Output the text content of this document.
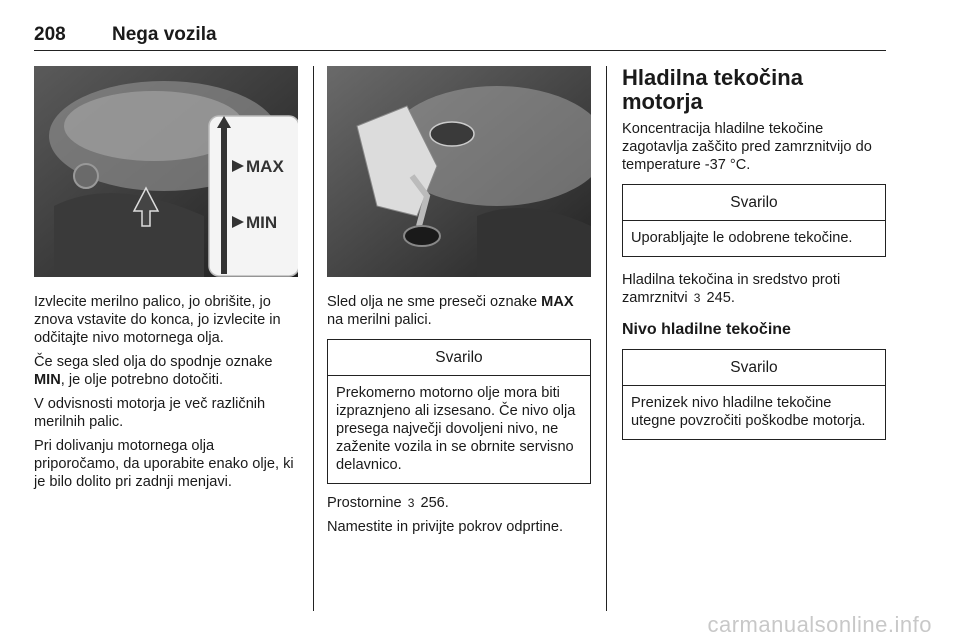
208 Nega vozila
MAX
MIN

Izvlecite merilno palico, jo obrišite, jo znova vstavite do konca, jo izvlecite in odčitajte nivo motornega olja.

Če sega sled olja do spodnje oznake MIN, je olje potrebno dotočiti.

V odvisnosti motorja je več različnih merilnih palic.

Pri dolivanju motornega olja priporočamo, da uporabite enako olje, ki je bilo dolito pri zadnji menjavi.

Sled olja ne sme preseči oznake MAX na merilni palici.

Svarilo
Prekomerno motorno olje mora biti izpraznjeno ali izsesano. Če nivo olja presega največji dovoljeni nivo, ne zaženite vozila in se obrnite servisno delavnico.

Prostornine 3 256.

Namestite in privijte pokrov odprtine.

Hladilna tekočina motorja

Koncentracija hladilne tekočine zagotavlja zaščito pred zamrznitvijo do temperature -37 °C.

Svarilo
Uporabljajte le odobrene tekočine.

Hladilna tekočina in sredstvo proti zamrznitvi 3 245.

Nivo hladilne tekočine
Svarilo
Prenizek nivo hladilne tekočine utegne povzročiti poškodbe motorja.
carmanualsonline.info
